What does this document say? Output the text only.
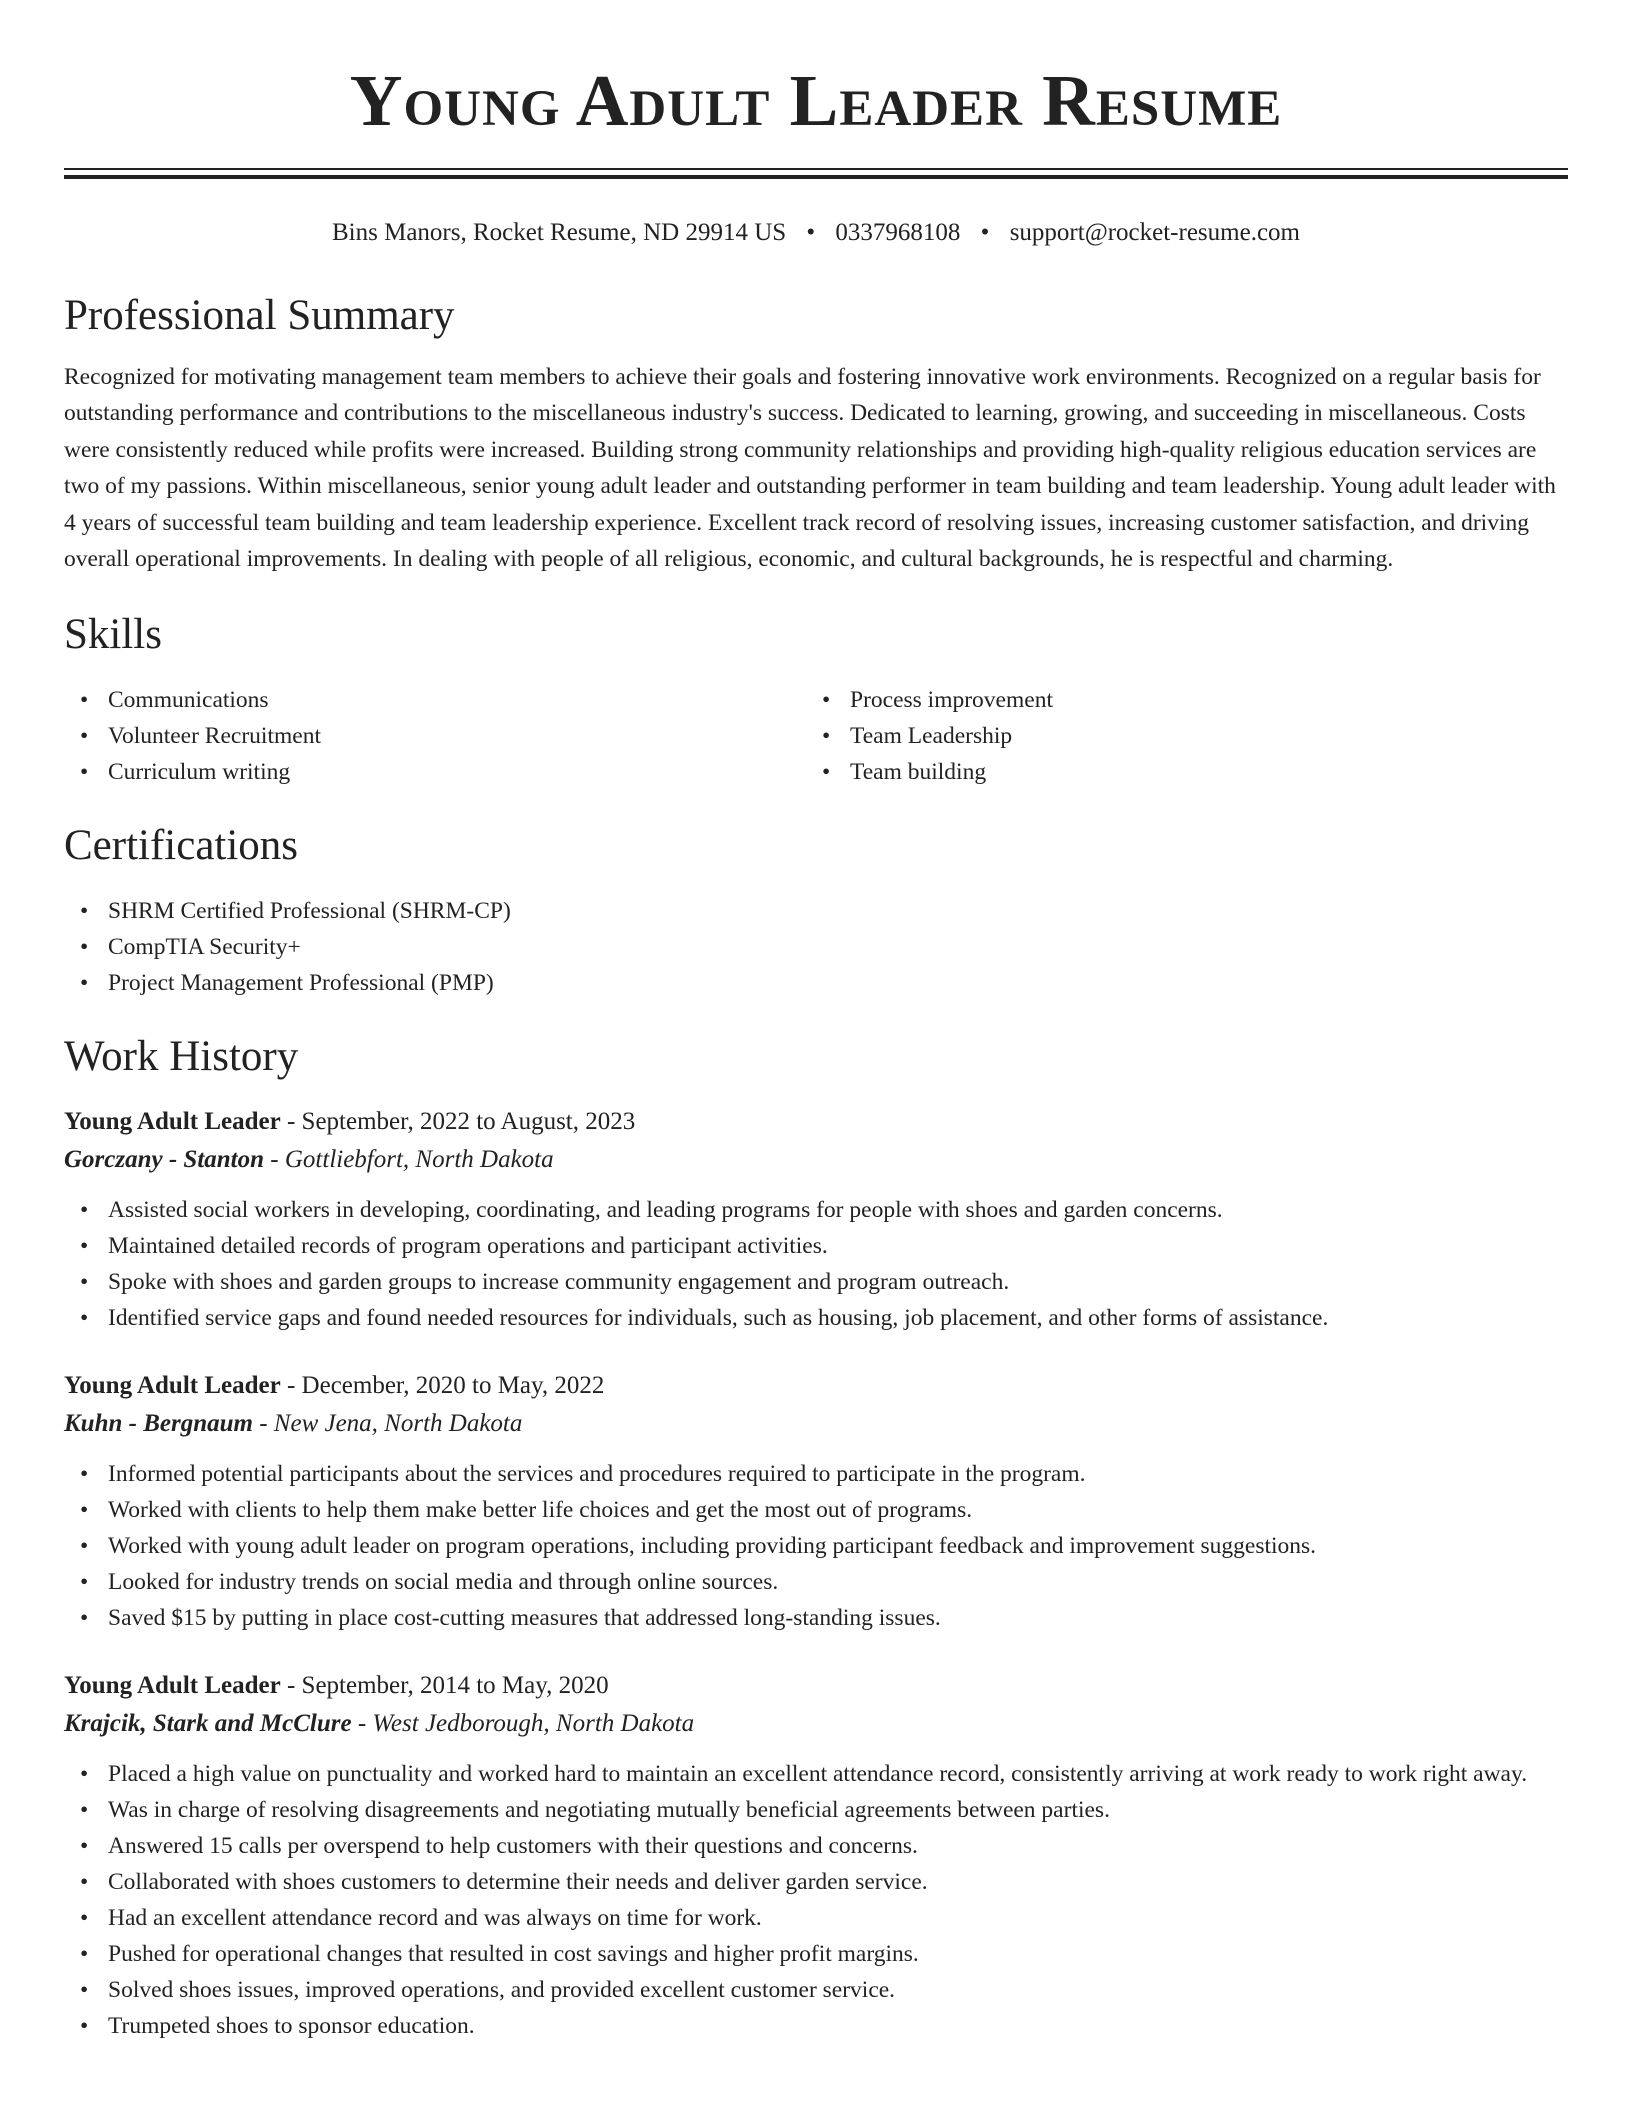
Young Adult Leader Resume
Bins Manors, Rocket Resume, ND 29914 US • 0337968108 • support@rocket-resume.com
Professional Summary

Recognized for motivating management team members to achieve their goals and fostering innovative work environments. Recognized on a regular basis for outstanding performance and contributions to the miscellaneous industry's success. Dedicated to learning, growing, and succeeding in miscellaneous. Costs were consistently reduced while profits were increased. Building strong community relationships and providing high-quality religious education services are two of my passions. Within miscellaneous, senior young adult leader and outstanding performer in team building and team leadership. Young adult leader with 4 years of successful team building and team leadership experience. Excellent track record of resolving issues, increasing customer satisfaction, and driving overall operational improvements. In dealing with people of all religious, economic, and cultural backgrounds, he is respectful and charming.

Skills
• Communications
• Volunteer Recruitment
• Curriculum writing
• Process improvement
• Team Leadership
• Team building
Certifications
• SHRM Certified Professional (SHRM-CP)
• CompTIA Security+
• Project Management Professional (PMP)
Work History
Young Adult Leader - September, 2022 to August, 2023
Gorczany - Stanton - Gottliebfort, North Dakota
• Assisted social workers in developing, coordinating, and leading programs for people with shoes and garden concerns.
• Maintained detailed records of program operations and participant activities.
• Spoke with shoes and garden groups to increase community engagement and program outreach.
• Identified service gaps and found needed resources for individuals, such as housing, job placement, and other forms of assistance.
Young Adult Leader - December, 2020 to May, 2022
Kuhn - Bergnaum - New Jena, North Dakota
• Informed potential participants about the services and procedures required to participate in the program.
• Worked with clients to help them make better life choices and get the most out of programs.
• Worked with young adult leader on program operations, including providing participant feedback and improvement suggestions.
• Looked for industry trends on social media and through online sources.
• Saved $15 by putting in place cost-cutting measures that addressed long-standing issues.
Young Adult Leader - September, 2014 to May, 2020
Krajcik, Stark and McClure - West Jedborough, North Dakota
• Placed a high value on punctuality and worked hard to maintain an excellent attendance record, consistently arriving at work ready to work right away.
• Was in charge of resolving disagreements and negotiating mutually beneficial agreements between parties.
• Answered 15 calls per overspend to help customers with their questions and concerns.
• Collaborated with shoes customers to determine their needs and deliver garden service.
• Had an excellent attendance record and was always on time for work.
• Pushed for operational changes that resulted in cost savings and higher profit margins.
• Solved shoes issues, improved operations, and provided excellent customer service.
• Trumpeted shoes to sponsor education.
